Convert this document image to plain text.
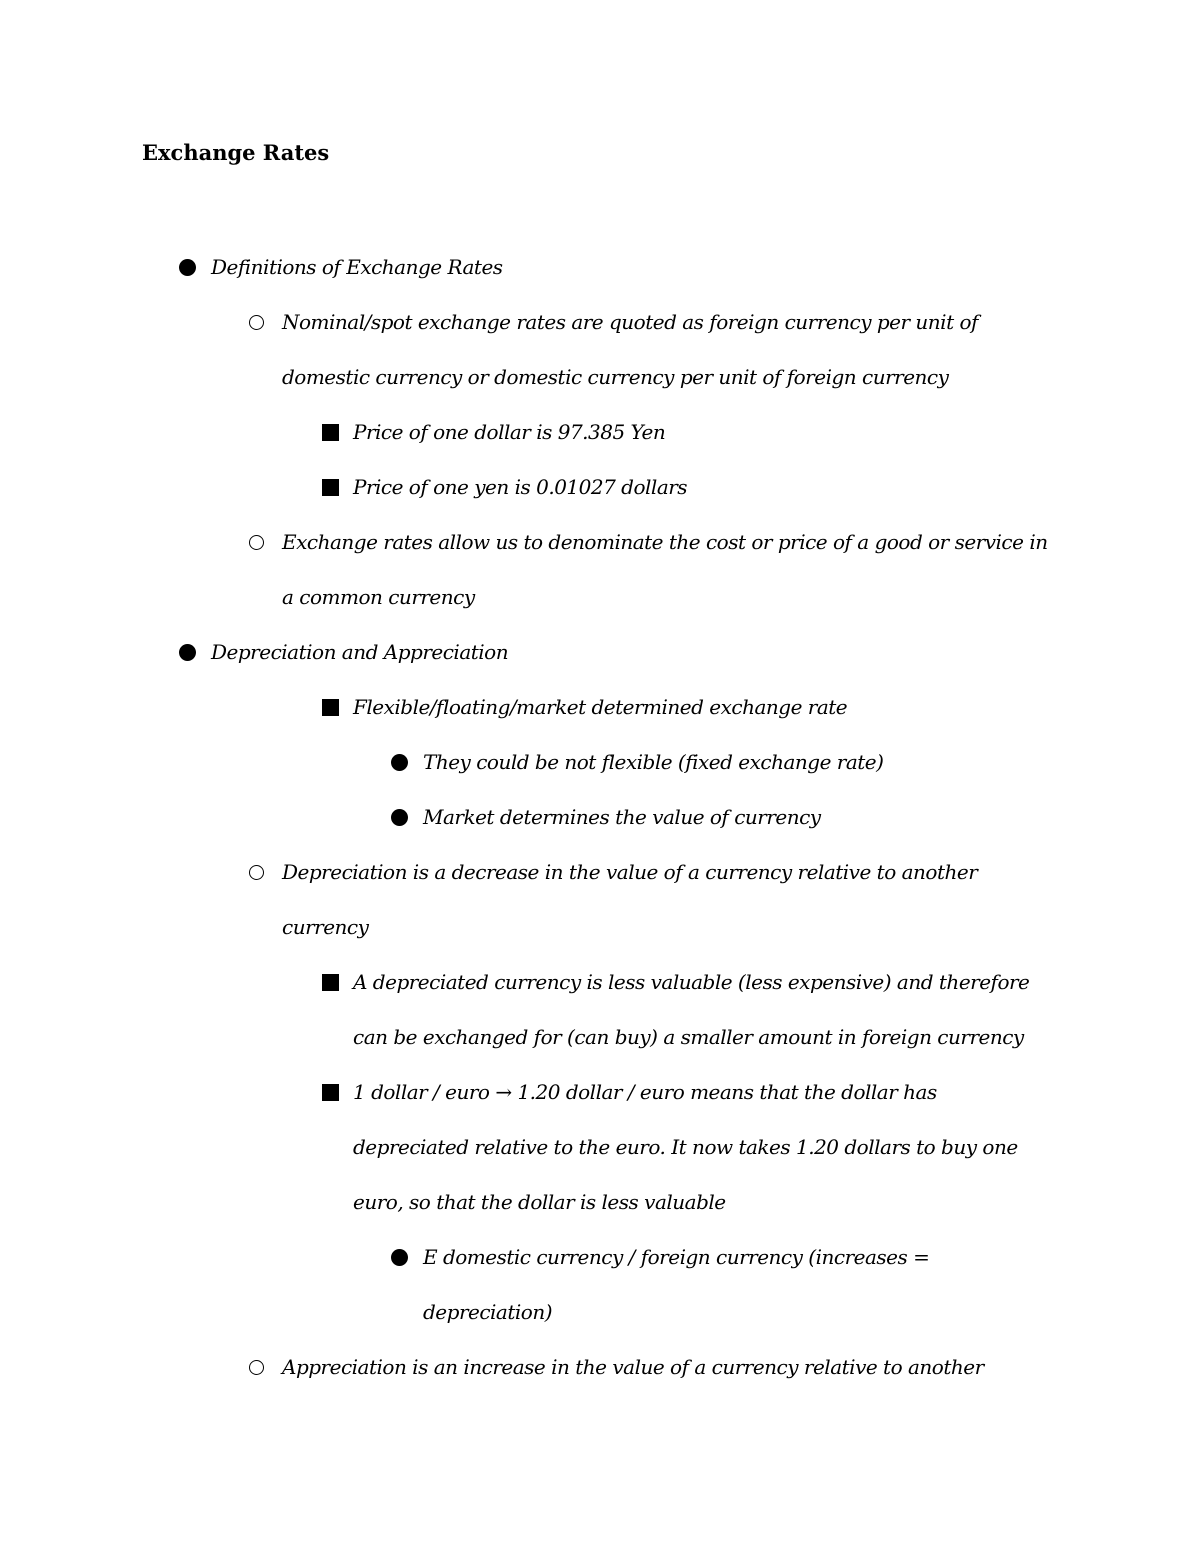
Exchange Rates
Definitions of Exchange Rates
Nominal/spot exchange rates are quoted as foreign currency per unit of
domestic currency or domestic currency per unit of foreign currency
Price of one dollar is 97.385 Yen
Price of one yen is 0.01027 dollars
Exchange rates allow us to denominate the cost or price of a good or service in
a common currency
Depreciation and Appreciation
Flexible/floating/market determined exchange rate
They could be not flexible (fixed exchange rate)
Market determines the value of currency
Depreciation is a decrease in the value of a currency relative to another
currency
A depreciated currency is less valuable (less expensive) and therefore
can be exchanged for (can buy) a smaller amount in foreign currency
1 dollar / euro → 1.20 dollar / euro means that the dollar has
depreciated relative to the euro. It now takes 1.20 dollars to buy one
euro, so that the dollar is less valuable
E domestic currency / foreign currency (increases =
depreciation)
Appreciation is an increase in the value of a currency relative to another
